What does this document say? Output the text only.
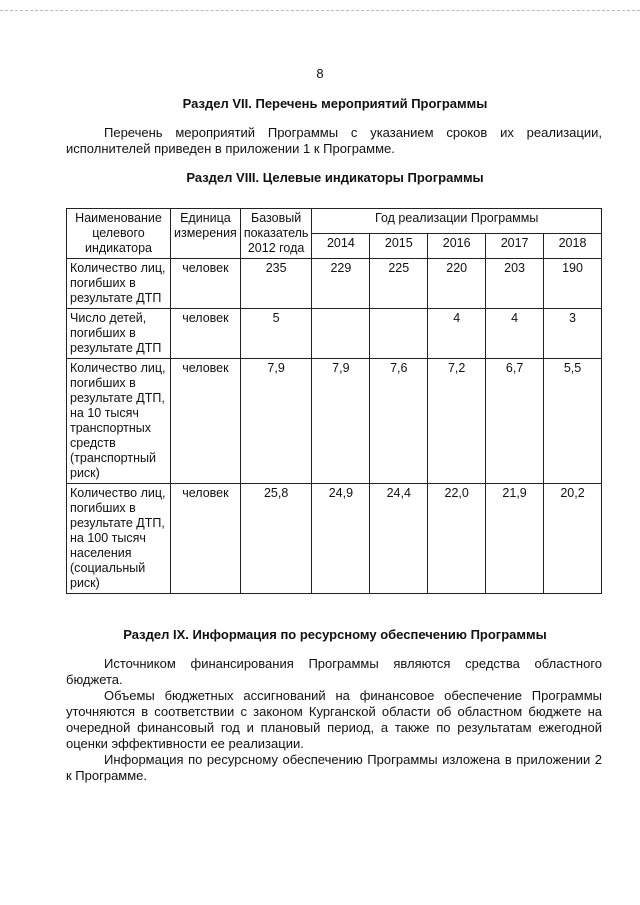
8
Раздел VII. Перечень мероприятий Программы

Перечень мероприятий Программы с указанием сроков их реализации, исполнителей приведен в приложении 1 к Программе.

Раздел VIII. Целевые индикаторы Программы
Наименование целевого индикатора	Единица измерения	Базовый показатель 2012 года	Год реализации Программы				
			2014	2015	2016	2017	2018
Количество лиц, погибших в результате ДТП	человек	235	229	225	220	203	190
Число детей, погибших в результате ДТП	человек	5			4	4	3
Количество лиц, погибших в результате ДТП, на 10 тысяч транспортных средств (транспортный риск)	человек	7,9	7,9	7,6	7,2	6,7	5,5
Количество лиц, погибших в результате ДТП, на 100 тысяч населения (социальный риск)	человек	25,8	24,9	24,4	22,0	21,9	20,2
Раздел IX. Информация по ресурсному обеспечению Программы

Источником финансирования Программы являются средства областного бюджета.

Объемы бюджетных ассигнований на финансовое обеспечение Программы уточняются в соответствии с законом Курганской области об областном бюджете на очередной финансовый год и плановый период, а также по результатам ежегодной оценки эффективности ее реализации.

Информация по ресурсному обеспечению Программы изложена в приложении 2 к Программе.
